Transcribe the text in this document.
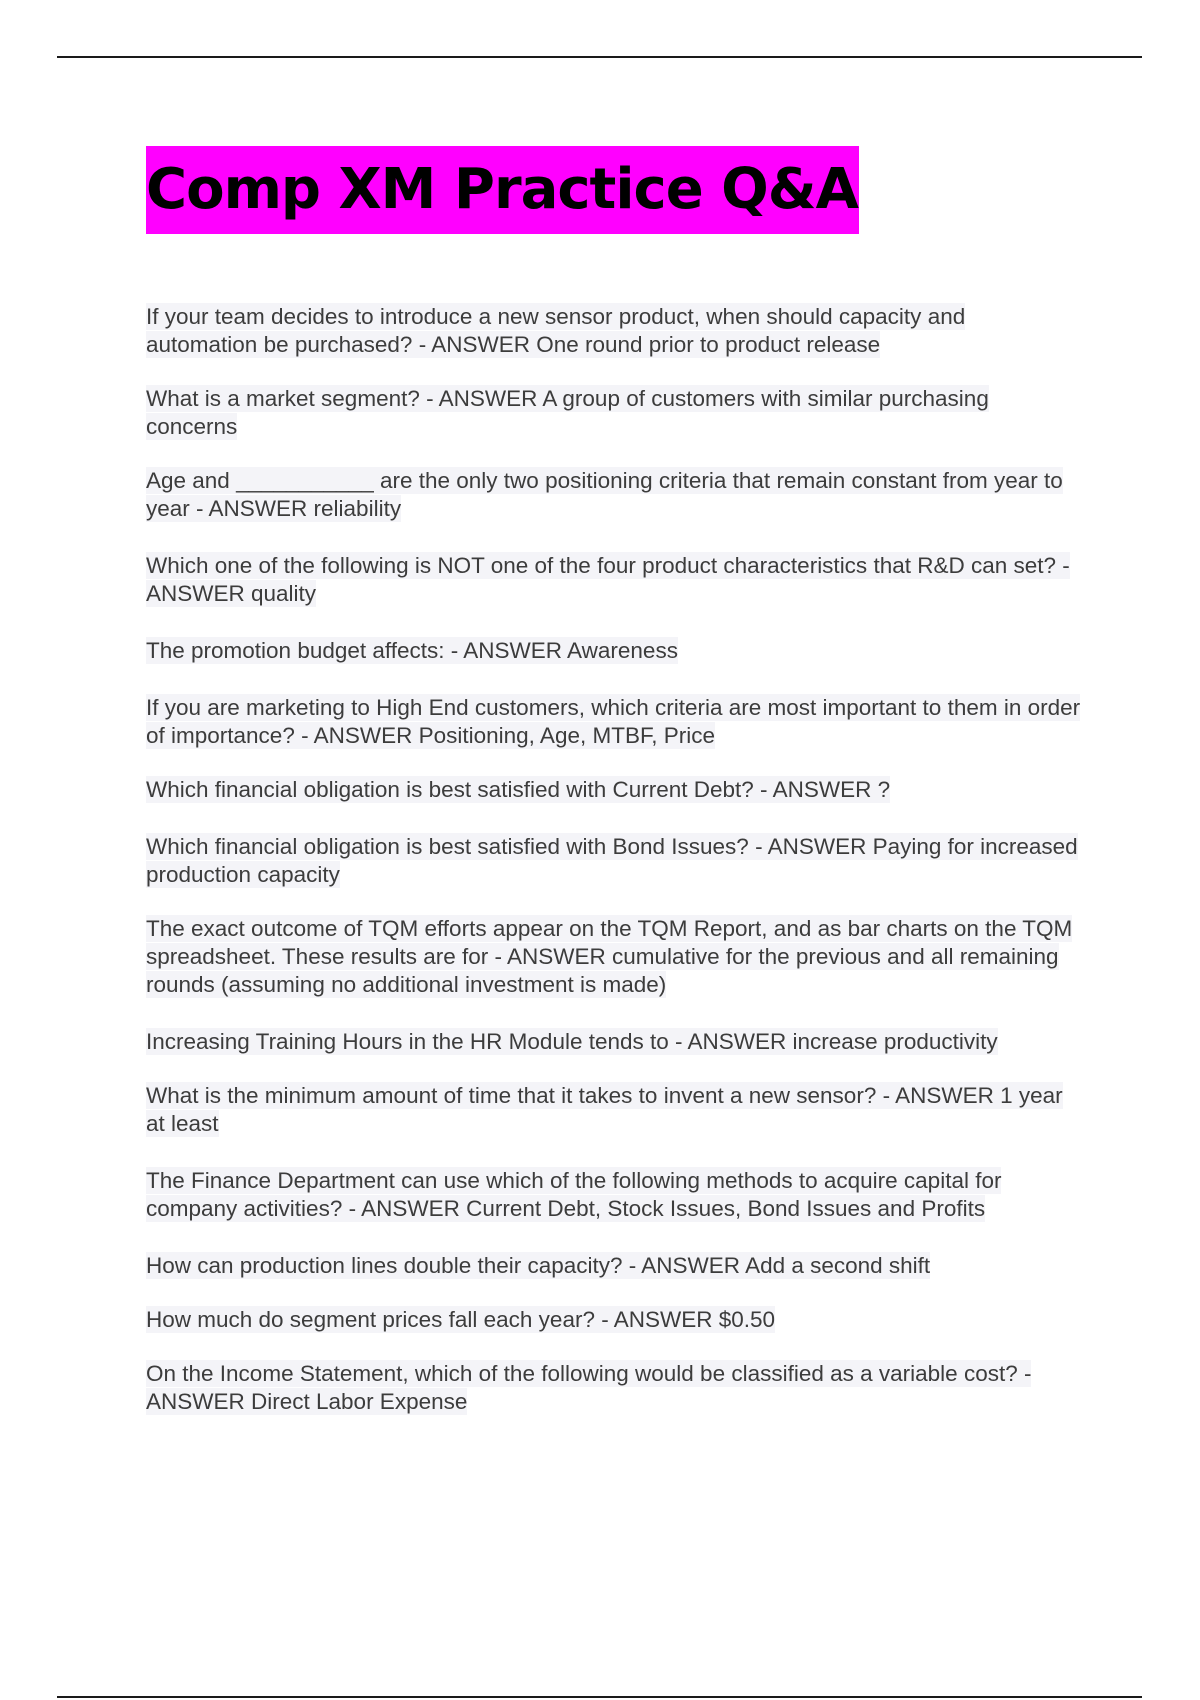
Comp XM Practice Q&A

If your team decides to introduce a new sensor product, when should capacity and automation be purchased? - ANSWER One round prior to product release

What is a market segment? - ANSWER A group of customers with similar purchasing concerns

Age and ___________ are the only two positioning criteria that remain constant from year to year - ANSWER reliability

Which one of the following is NOT one of the four product characteristics that R&D can set? - ANSWER quality

The promotion budget affects: - ANSWER Awareness

If you are marketing to High End customers, which criteria are most important to them in order of importance? - ANSWER Positioning, Age, MTBF, Price

Which financial obligation is best satisfied with Current Debt? - ANSWER ?

Which financial obligation is best satisfied with Bond Issues? - ANSWER Paying for increased production capacity

The exact outcome of TQM efforts appear on the TQM Report, and as bar charts on the TQM spreadsheet. These results are for - ANSWER cumulative for the previous and all remaining rounds (assuming no additional investment is made)

Increasing Training Hours in the HR Module tends to - ANSWER increase productivity

What is the minimum amount of time that it takes to invent a new sensor? - ANSWER 1 year at least

The Finance Department can use which of the following methods to acquire capital for company activities? - ANSWER Current Debt, Stock Issues, Bond Issues and Profits

How can production lines double their capacity? - ANSWER Add a second shift

How much do segment prices fall each year? - ANSWER $0.50

On the Income Statement, which of the following would be classified as a variable cost? - ANSWER Direct Labor Expense
